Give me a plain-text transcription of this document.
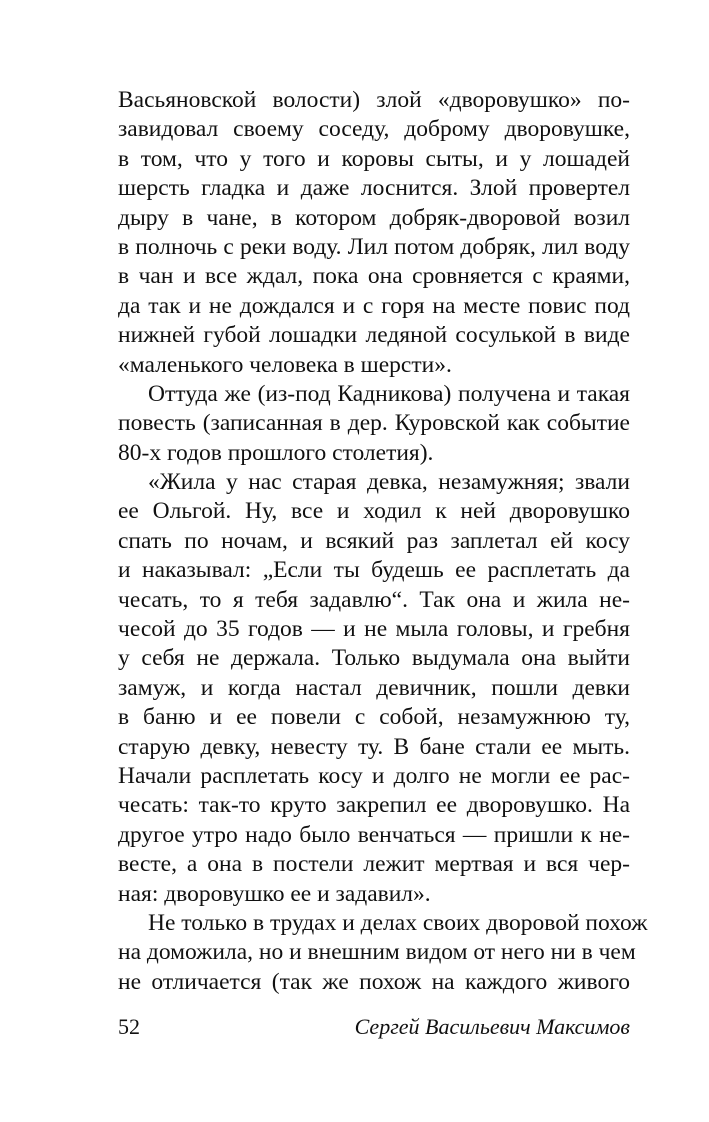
Васьяновской волости) злой «дворовушко» по-
завидовал своему соседу, доброму дворовушке,
в том, что у того и коровы сыты, и у лошадей
шерсть гладка и даже лоснится. Злой провертел
дыру в чане, в котором добряк-дворовой возил
в полночь с реки воду. Лил потом добряк, лил воду
в чан и все ждал, пока она сровняется с краями,
да так и не дождался и с горя на месте повис под
нижней губой лошадки ледяной сосулькой в виде
«маленького человека в шерсти».
Оттуда же (из-под Кадникова) получена и такая
повесть (записанная в дер. Куровской как событие
80-х годов прошлого столетия).
«Жила у нас старая девка, незамужняя; звали
ее Ольгой. Ну, все и ходил к ней дворовушко
спать по ночам, и всякий раз заплетал ей косу
и наказывал: „Если ты будешь ее расплетать да
чесать, то я тебя задавлю“. Так она и жила не-
чесой до 35 годов — и не мыла головы, и гребня
у себя не держала. Только выдумала она выйти
замуж, и когда настал девичник, пошли девки
в баню и ее повели с собой, незамужнюю ту,
старую девку, невесту ту. В бане стали ее мыть.
Начали расплетать косу и долго не могли ее рас-
чесать: так-то круто закрепил ее дворовушко. На
другое утро надо было венчаться — пришли к не-
весте, а она в постели лежит мертвая и вся чер-
ная: дворовушко ее и задавил».
Не только в трудах и делах своих дворовой похож
на доможила, но и внешним видом от него ни в чем
не отличается (так же похож на каждого живого
52	Сергей Васильевич Максимов
